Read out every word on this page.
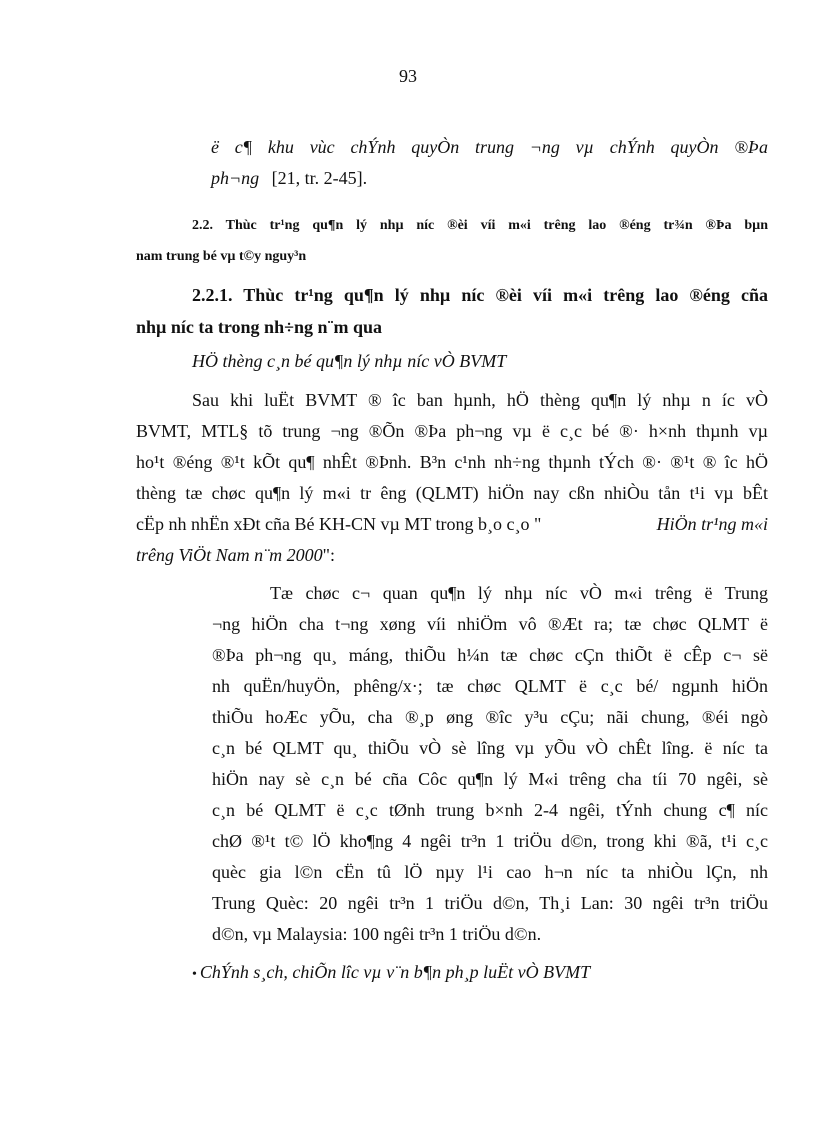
93
ë c¶ khu vùc chÝnh quyÒn trung ¬ng vµ chÝnh quyÒn ®Þa
ph¬ng [21, tr. 2-45].
2.2. Thùc tr¹ng qu¶n lý nhµ níc ®èi víi m«i trêng lao ®éng tr¾n ®Þa bµn
nam trung bé vµ t©y nguy³n
2.2.1. Thùc tr¹ng qu¶n lý nhµ níc ®èi víi m«i trêng lao ®éng cña
nhµ níc ta trong nh÷ng n¨m qua
HÖ thèng c¸n bé qu¶n lý nhµ níc vÒ BVMT
Sau khi luËt BVMT ® îc ban hµnh, hÖ thèng qu¶n lý nhµ n íc vÒ
BVMT, MTL§ tõ trung ¬ng ®Õn ®Þa ph¬ng vµ ë c¸c bé ®· h×nh thµnh vµ
ho¹t ®éng ®¹t kÕt qu¶ nhÊt ®Þnh. B³n c¹nh nh÷ng thµnh tÝch ®· ®¹t ® îc hÖ
thèng tæ chøc qu¶n lý m«i tr êng (QLMT) hiÖn nay cßn nhiÒu tån t¹i vµ bÊt
cËp nh nhËn xÐt cña Bé KH-CN vµ MT trong b¸o c¸o "	HiÖn tr¹ng m«i
trêng ViÖt Nam n¨m 2000":
Tæ chøc c¬ quan qu¶n lý nhµ níc vÒ m«i trêng ë Trung
¬ng hiÖn cha t¬ng xøng víi nhiÖm vô ®Æt ra; tæ chøc QLMT ë
®Þa ph¬ng qu¸ máng, thiÕu h¼n tæ chøc cÇn thiÕt ë cÊp c¬ së
nh quËn/huyÖn, phêng/x·; tæ chøc QLMT ë c¸c bé/ ngµnh hiÖn
thiÕu hoÆc yÕu, cha ®¸p øng ®îc y³u cÇu; nãi chung, ®éi ngò
c¸n bé QLMT qu¸ thiÕu vÒ sè lîng vµ yÕu vÒ chÊt lîng. ë níc ta
hiÖn nay sè c¸n bé cña Côc qu¶n lý M«i trêng cha tíi 70 ngêi, sè
c¸n bé QLMT ë c¸c tØnh trung b×nh 2-4 ngêi, tÝnh chung c¶ níc
chØ ®¹t t© lÖ kho¶ng 4 ngêi tr³n 1 triÖu d©n, trong khi ®ã, t¹i c¸c
quèc gia l©n cËn tû lÖ nµy l¹i cao h¬n níc ta nhiÒu lÇn, nh
Trung Quèc: 20 ngêi tr³n 1 triÖu d©n, Th¸i Lan: 30 ngêi tr³n triÖu
d©n, vµ Malaysia: 100 ngêi tr³n 1 triÖu d©n.
• ChÝnh s¸ch, chiÕn lîc vµ v¨n b¶n ph¸p luËt vÒ BVMT
